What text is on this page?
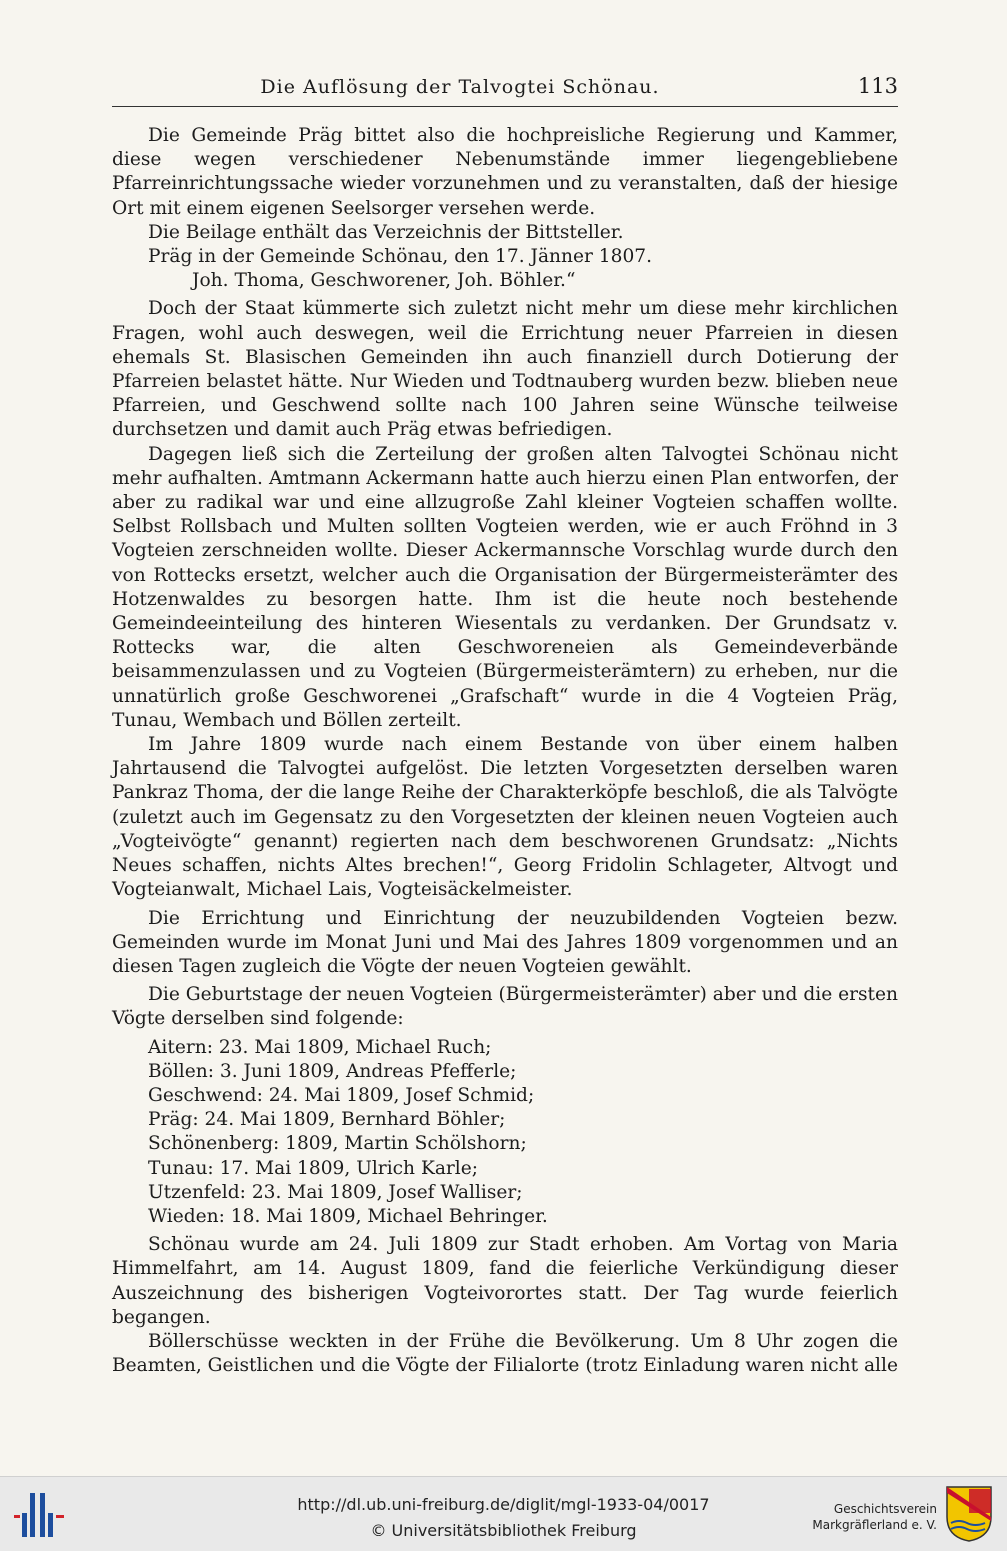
Die Auflösung der Talvogtei Schönau.	113

Die Gemeinde Präg bittet also die hochpreisliche Regierung und Kammer, diese wegen verschiedener Nebenumstände immer liegengebliebene Pfarreinrichtungssache wieder vorzunehmen und zu veranstalten, daß der hiesige Ort mit einem eigenen Seelsorger versehen werde.

Die Beilage enthält das Verzeichnis der Bittsteller.

Präg in der Gemeinde Schönau, den 17. Jänner 1807.

Joh. Thoma, Geschworener, Joh. Böhler.“

Doch der Staat kümmerte sich zuletzt nicht mehr um diese mehr kirchlichen Fragen, wohl auch deswegen, weil die Errichtung neuer Pfarreien in diesen ehemals St. Blasischen Gemeinden ihn auch finanziell durch Dotierung der Pfarreien belastet hätte. Nur Wieden und Todtnauberg wurden bezw. blieben neue Pfarreien, und Geschwend sollte nach 100 Jahren seine Wünsche teilweise durchsetzen und damit auch Präg etwas befriedigen.

Dagegen ließ sich die Zerteilung der großen alten Talvogtei Schönau nicht mehr aufhalten. Amtmann Ackermann hatte auch hierzu einen Plan entworfen, der aber zu radikal war und eine allzugroße Zahl kleiner Vogteien schaffen wollte. Selbst Rollsbach und Multen sollten Vogteien werden, wie er auch Fröhnd in 3 Vogteien zerschneiden wollte. Dieser Ackermannsche Vorschlag wurde durch den von Rottecks ersetzt, welcher auch die Organisation der Bürgermeisterämter des Hotzenwaldes zu besorgen hatte. Ihm ist die heute noch bestehende Gemeindeeinteilung des hinteren Wiesentals zu verdanken. Der Grundsatz v. Rottecks war, die alten Geschworeneien als Gemeindeverbände beisammenzulassen und zu Vogteien (Bürgermeisterämtern) zu erheben, nur die unnatürlich große Geschworenei „Grafschaft“ wurde in die 4 Vogteien Präg, Tunau, Wembach und Böllen zerteilt.

Im Jahre 1809 wurde nach einem Bestande von über einem halben Jahrtausend die Talvogtei aufgelöst. Die letzten Vorgesetzten derselben waren Pankraz Thoma, der die lange Reihe der Charakterköpfe beschloß, die als Talvögte (zuletzt auch im Gegensatz zu den Vorgesetzten der kleinen neuen Vogteien auch „Vogteivögte“ genannt) regierten nach dem beschworenen Grundsatz: „Nichts Neues schaffen, nichts Altes brechen!“, Georg Fridolin Schlageter, Altvogt und Vogteianwalt, Michael Lais, Vogteisäckelmeister.

Die Errichtung und Einrichtung der neuzubildenden Vogteien bezw. Gemeinden wurde im Monat Juni und Mai des Jahres 1809 vorgenommen und an diesen Tagen zugleich die Vögte der neuen Vogteien gewählt.

Die Geburtstage der neuen Vogteien (Bürgermeisterämter) aber und die ersten Vögte derselben sind folgende:

Aitern: 23. Mai 1809, Michael Ruch;
Böllen: 3. Juni 1809, Andreas Pfefferle;
Geschwend: 24. Mai 1809, Josef Schmid;
Präg: 24. Mai 1809, Bernhard Böhler;
Schönenberg: 1809, Martin Schölshorn;
Tunau: 17. Mai 1809, Ulrich Karle;
Utzenfeld: 23. Mai 1809, Josef Walliser;
Wieden: 18. Mai 1809, Michael Behringer.

Schönau wurde am 24. Juli 1809 zur Stadt erhoben. Am Vortag von Maria Himmelfahrt, am 14. August 1809, fand die feierliche Verkündigung dieser Auszeichnung des bisherigen Vogteivorortes statt. Der Tag wurde feierlich begangen.

Böllerschüsse weckten in der Frühe die Bevölkerung. Um 8 Uhr zogen die Beamten, Geistlichen und die Vögte der Filialorte (trotz Einladung waren nicht alle

http://dl.ub.uni-freiburg.de/diglit/mgl-1933-04/0017
© Universitätsbibliothek Freiburg
Geschichtsverein
Markgräflerland e. V.
